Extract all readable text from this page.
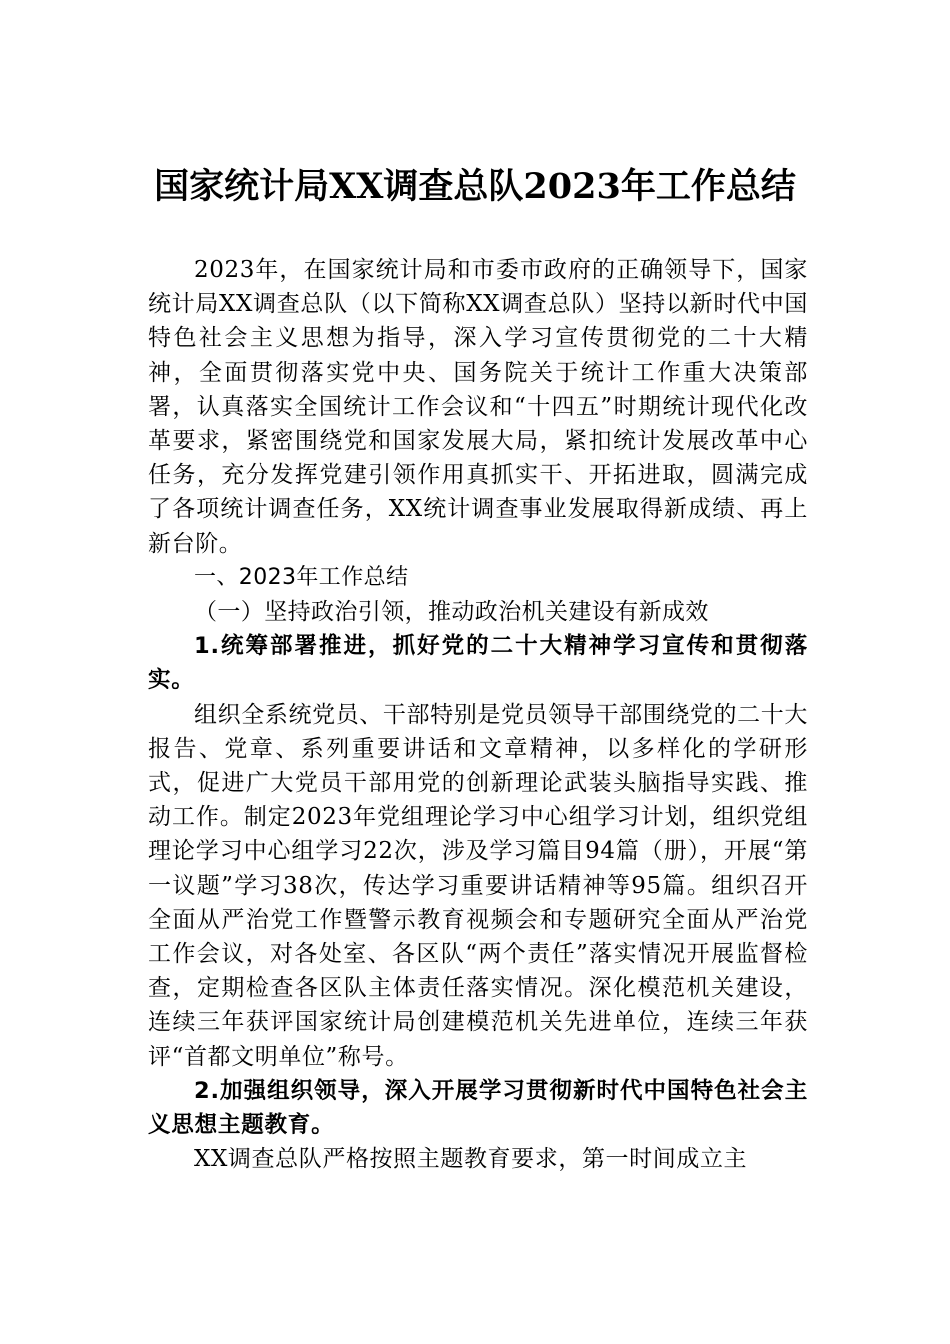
国家统计局XX调查总队2023年工作总结

2023年，在国家统计局和市委市政府的正确领导下，国家统计局XX调查总队（以下简称XX调查总队）坚持以新时代中国特色社会主义思想为指导，深入学习宣传贯彻党的二十大精神，全面贯彻落实党中央、国务院关于统计工作重大决策部署，认真落实全国统计工作会议和“十四五”时期统计现代化改革要求，紧密围绕党和国家发展大局，紧扣统计发展改革中心任务，充分发挥党建引领作用真抓实干、开拓进取，圆满完成了各项统计调查任务，XX统计调查事业发展取得新成绩、再上新台阶。

一、2023年工作总结

（一）坚持政治引领，推动政治机关建设有新成效

1.统筹部署推进，抓好党的二十大精神学习宣传和贯彻落实。

组织全系统党员、干部特别是党员领导干部围绕党的二十大报告、党章、系列重要讲话和文章精神，以多样化的学研形式，促进广大党员干部用党的创新理论武装头脑指导实践、推动工作。制定2023年党组理论学习中心组学习计划，组织党组理论学习中心组学习22次，涉及学习篇目94篇（册），开展“第一议题”学习38次，传达学习重要讲话精神等95篇。组织召开全面从严治党工作暨警示教育视频会和专题研究全面从严治党工作会议，对各处室、各区队“两个责任”落实情况开展监督检查，定期检查各区队主体责任落实情况。深化模范机关建设，连续三年获评国家统计局创建模范机关先进单位，连续三年获评“首都文明单位”称号。

2.加强组织领导，深入开展学习贯彻新时代中国特色社会主义思想主题教育。

XX调查总队严格按照主题教育要求，第一时间成立主
